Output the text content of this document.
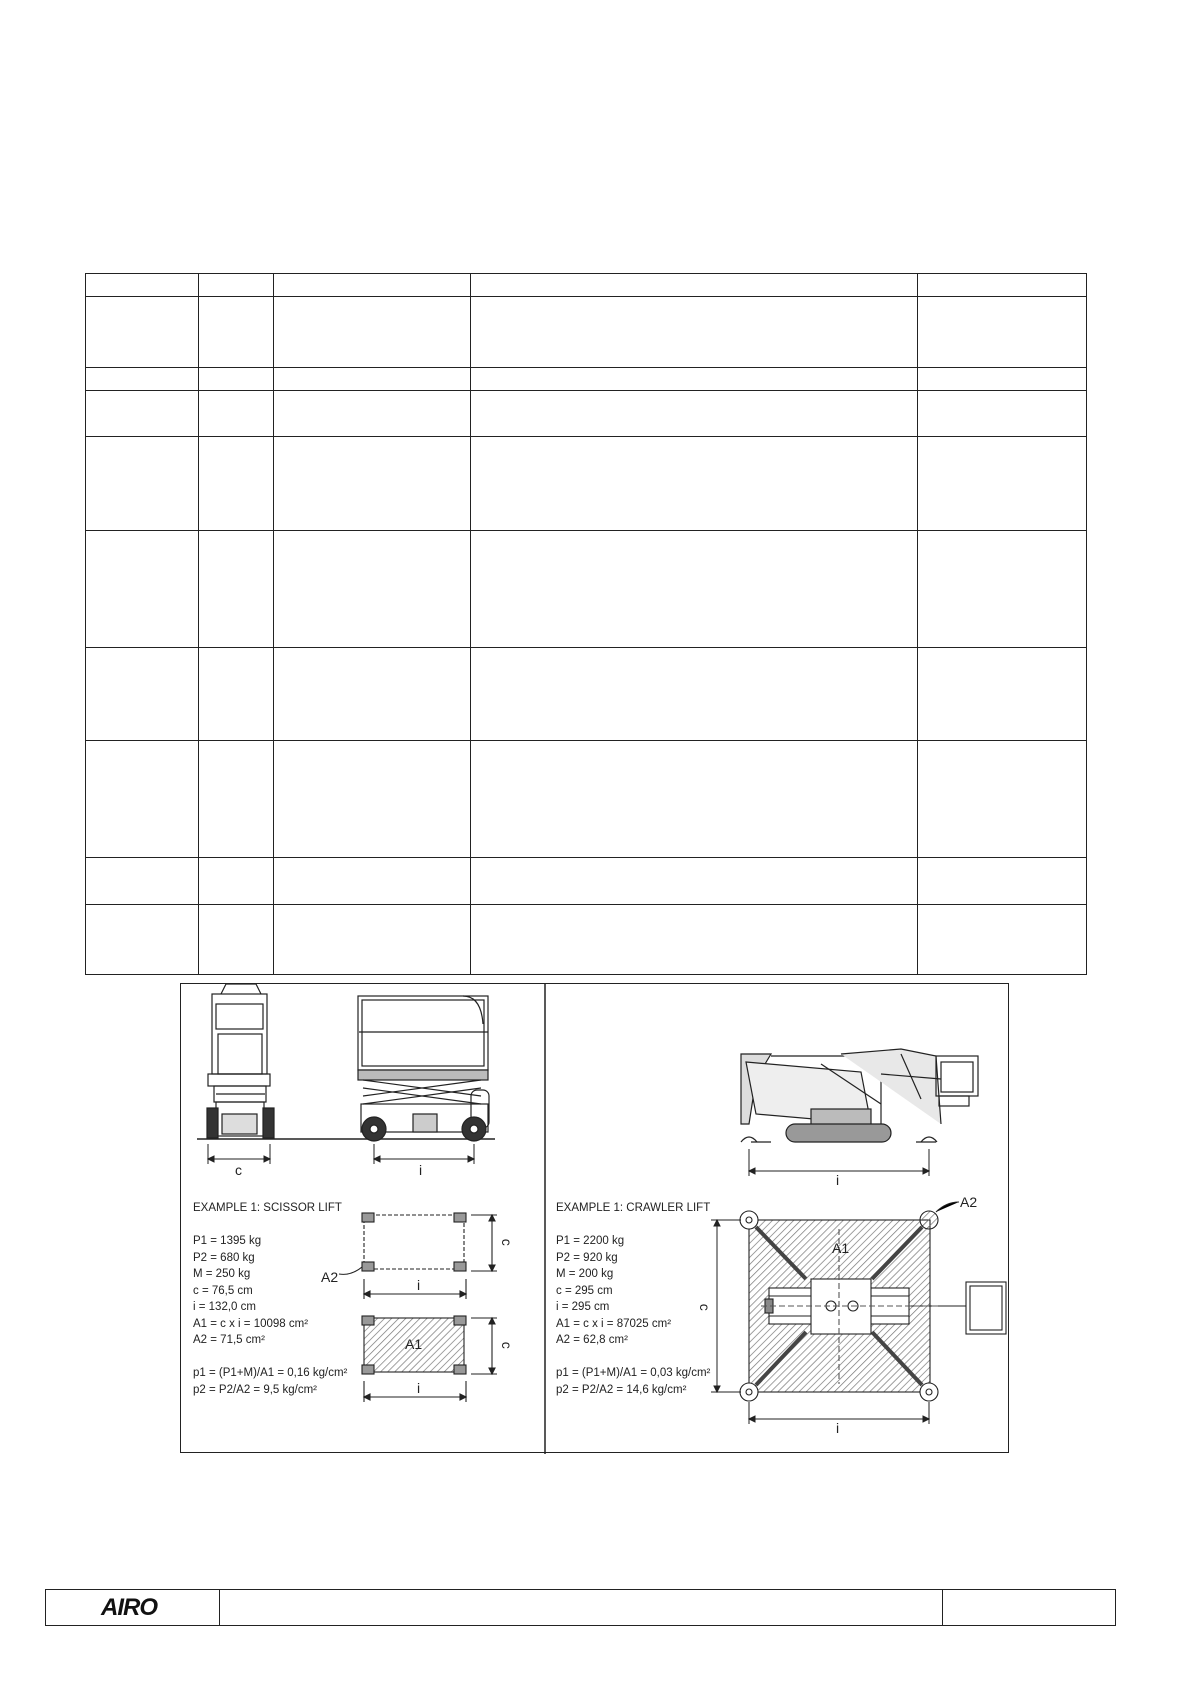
c	i
i
i
c
c
A2
A1
i
i
c
A1
A2
EXAMPLE 1: SCISSOR LIFT
P1 = 1395 kg
P2 = 680 kg
M = 250 kg
c = 76,5 cm
i = 132,0 cm
A1 = c x i = 10098 cm²
A2 = 71,5 cm²
p1 = (P1+M)/A1 = 0,16 kg/cm²
p2 = P2/A2 = 9,5 kg/cm²
EXAMPLE 1: CRAWLER LIFT
P1 = 2200 kg
P2 = 920 kg
M = 200 kg
c = 295 cm
i = 295 cm
A1 = c x i = 87025 cm²
A2 = 62,8 cm²
p1 = (P1+M)/A1 = 0,03 kg/cm²
p2 = P2/A2 = 14,6 kg/cm²
AIRO
